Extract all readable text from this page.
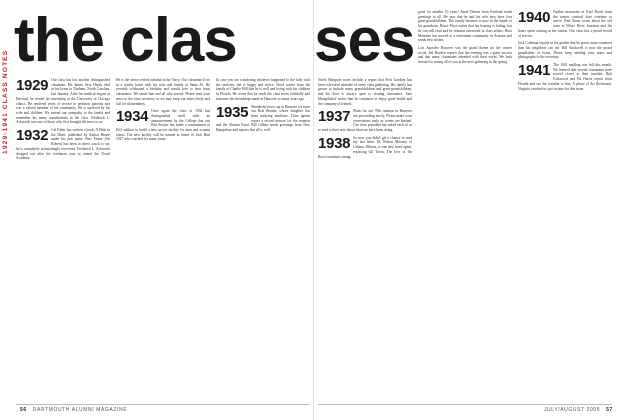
1929-1941 CLASS NOTES
the clas
1929 Our class has lost another distinguished classmate. Mr. James Jerry Hardy died at his home in Durham, North Carolina, last January. After his medical degree at Harvard, he served his internship at the University of Chicago clinics. He rendered years of service to pediatric patients and was a valued member of his community. He is survived by his wife and children. We extend our sympathy to the family and remember his many contributions to the class. Frederick L. Ashworth was one of those who first brought the news to us.
1932 Cal Faber has written a book, A Hole in the Heart, published by Author House under his pen name. Bert Fisher (Sir Robert) has been in direct touch to say he is completely astonishingly recovered. Frederick L. Ashworth dropped out after his freshman year to attend the Naval Academy.
He is the senior retired admiral in the Navy. Our classmate lives in a stately home with his wife and family in Santa Fe. He recently celebrated a birthday and would love to hear from classmates. We salute him and all who served. Please send your news to the class secretary so we may keep our notes lively and full for all members.
1934 Once again the class of 1934 has distinguished itself with an announcement by the College that our Ben Stryker has made a commitment of $4.5 million to build a new soccer facility for men and women teams. The new facility will be named in honor of Jack Hart 1927 who coached for many years.
In case you are wondering whatever happened to the lady with the uniform, she is happy and active. Word comes from the family of Charlie Hill that he is well and living with his children in Florida. He wrote that he reads the class notes faithfully and treasures the friendships made in Hanover so many years ago.
1935 Wonderful news: up in Hanover we have our Bob Beattie, whose daughter has been studying medicine. Class agents report a record turnout for the reunion and the Alumni Fund. Bill Gilbert sends greetings from New Hampshire and reports that all is well.
56 DARTMOUTH ALUMNI MAGAZINE
ses
North Hampton notes include a report that Fred Gardner has been a devoted attendee of every class gathering. His family has grown to include many grandchildren and great-grandchildren, and his door is always open to visiting classmates. Sam Mangelsdorf writes that he continues to enjoy good health and the company of friends.
1937 Plans for our 70th reunion in Hanover are proceeding nicely. Please make your reservations early as rooms are limited. Our class president has asked each of us to send a short note about what we have been doing.
1938 So now you didn't get a chance to read my last letter. Dr. Robert Mooney of Urbana, Illinois, is our new head agent, replacing Gil Tovin. The love of the Bowl continues strong.
good for another 10 years! Ansel Dennis from Portland sends greetings to all. He says that he and his wife now have four great-grandchildren. The family business is now in the hands of his grandsons. Bruce Price writes that his hearing is failing, but he can still read and he remains interested in class affairs. Russ Martinez has moved to a retirement community in Arizona and sends best wishes.
Lost Apostles Hanover was the grand theme for the winter social. Sid Hayden reports that the evening was a great success and that many classmates attended with their wives. We look forward to seeing all of you at the next gathering in the spring.
1940 Further memories of Karl Bruch from the winter carnival days continue to arrive. Paul Stone wrote about the old train to White River Junction and the hours spent waiting at the station. Our class has a proud record of service.
Jack Coleman reports in his garden that he grows more tomatoes than his neighbors can eat. Bill Stockwell is now the proud grandfather of twins. Please keep sending your notes and photographs to the secretary.
1941 The 1941 mailbag was full this month. We learned that several classmates have moved closer to their families. Bob Kirkwood and Ed Harris report from Florida and say the weather is fine. A photo of Art Richmond, Virginia, reached us just in time for this issue.
JULY/AUGUST 2005 57
